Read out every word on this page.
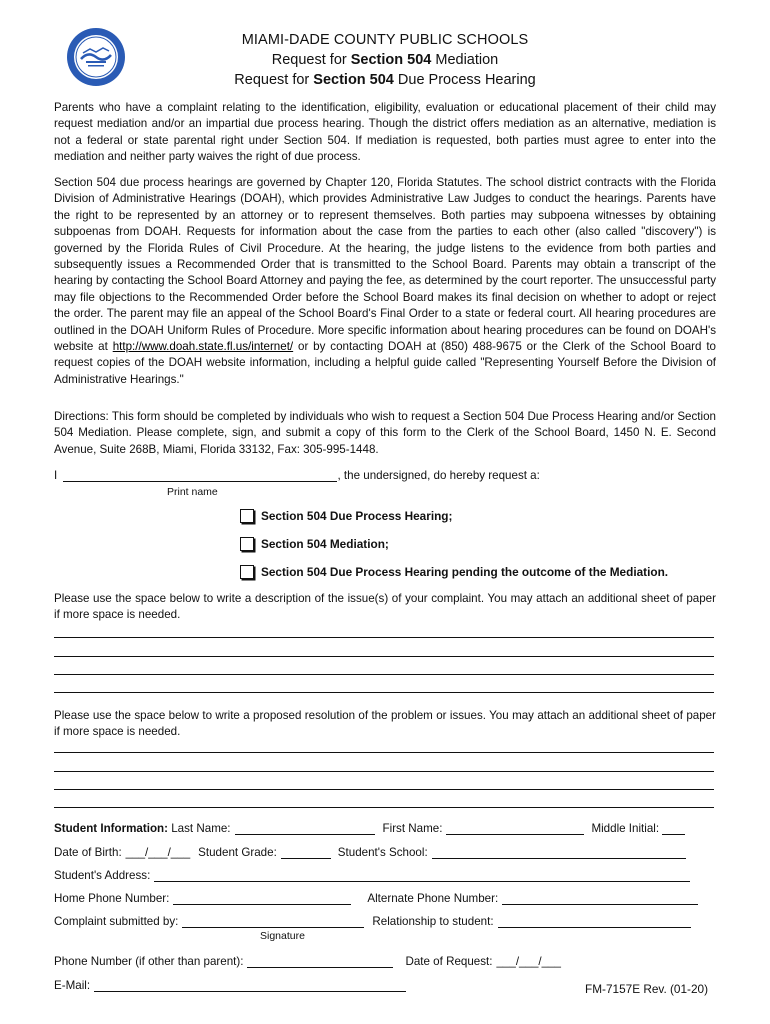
MIAMI-DADE COUNTY PUBLIC SCHOOLS
Request for Section 504 Mediation
Request for Section 504 Due Process Hearing
Parents who have a complaint relating to the identification, eligibility, evaluation or educational placement of their child may request mediation and/or an impartial due process hearing. Though the district offers mediation as an alternative, mediation is not a federal or state parental right under Section 504. If mediation is requested, both parties must agree to enter into the mediation and neither party waives the right of due process.
Section 504 due process hearings are governed by Chapter 120, Florida Statutes. The school district contracts with the Florida Division of Administrative Hearings (DOAH), which provides Administrative Law Judges to conduct the hearings. Parents have the right to be represented by an attorney or to represent themselves. Both parties may subpoena witnesses by obtaining subpoenas from DOAH. Requests for information about the case from the parties to each other (also called "discovery") is governed by the Florida Rules of Civil Procedure. At the hearing, the judge listens to the evidence from both parties and subsequently issues a Recommended Order that is transmitted to the School Board. Parents may obtain a transcript of the hearing by contacting the School Board Attorney and paying the fee, as determined by the court reporter. The unsuccessful party may file objections to the Recommended Order before the School Board makes its final decision on whether to adopt or reject the order. The parent may file an appeal of the School Board's Final Order to a state or federal court. All hearing procedures are outlined in the DOAH Uniform Rules of Procedure. More specific information about hearing procedures can be found on DOAH's website at http://www.doah.state.fl.us/internet/ or by contacting DOAH at (850) 488-9675 or the Clerk of the School Board to request copies of the DOAH website information, including a helpful guide called "Representing Yourself Before the Division of Administrative Hearings."
Directions: This form should be completed by individuals who wish to request a Section 504 Due Process Hearing and/or Section 504 Mediation. Please complete, sign, and submit a copy of this form to the Clerk of the School Board, 1450 N. E. Second Avenue, Suite 268B, Miami, Florida 33132, Fax: 305-995-1448.
I	, the undersigned, do hereby request a:
Print name
Section 504 Due Process Hearing;
Section 504 Mediation;
Section 504 Due Process Hearing pending the outcome of the Mediation.
Please use the space below to write a description of the issue(s) of your complaint. You may attach an additional sheet of paper if more space is needed.
Please use the space below to write a proposed resolution of the problem or issues. You may attach an additional sheet of paper if more space is needed.
Student Information:
Last Name:	First Name:	Middle Initial:
Date of Birth: ___/___/___ Student Grade:	Student's School:
Student's Address:
Home Phone Number:	Alternate Phone Number:
Complaint submitted by:	Relationship to student:
Signature
Phone Number (if other than parent):	Date of Request: ___/___/___
E-Mail:	FM-7157E Rev. (01-20)
